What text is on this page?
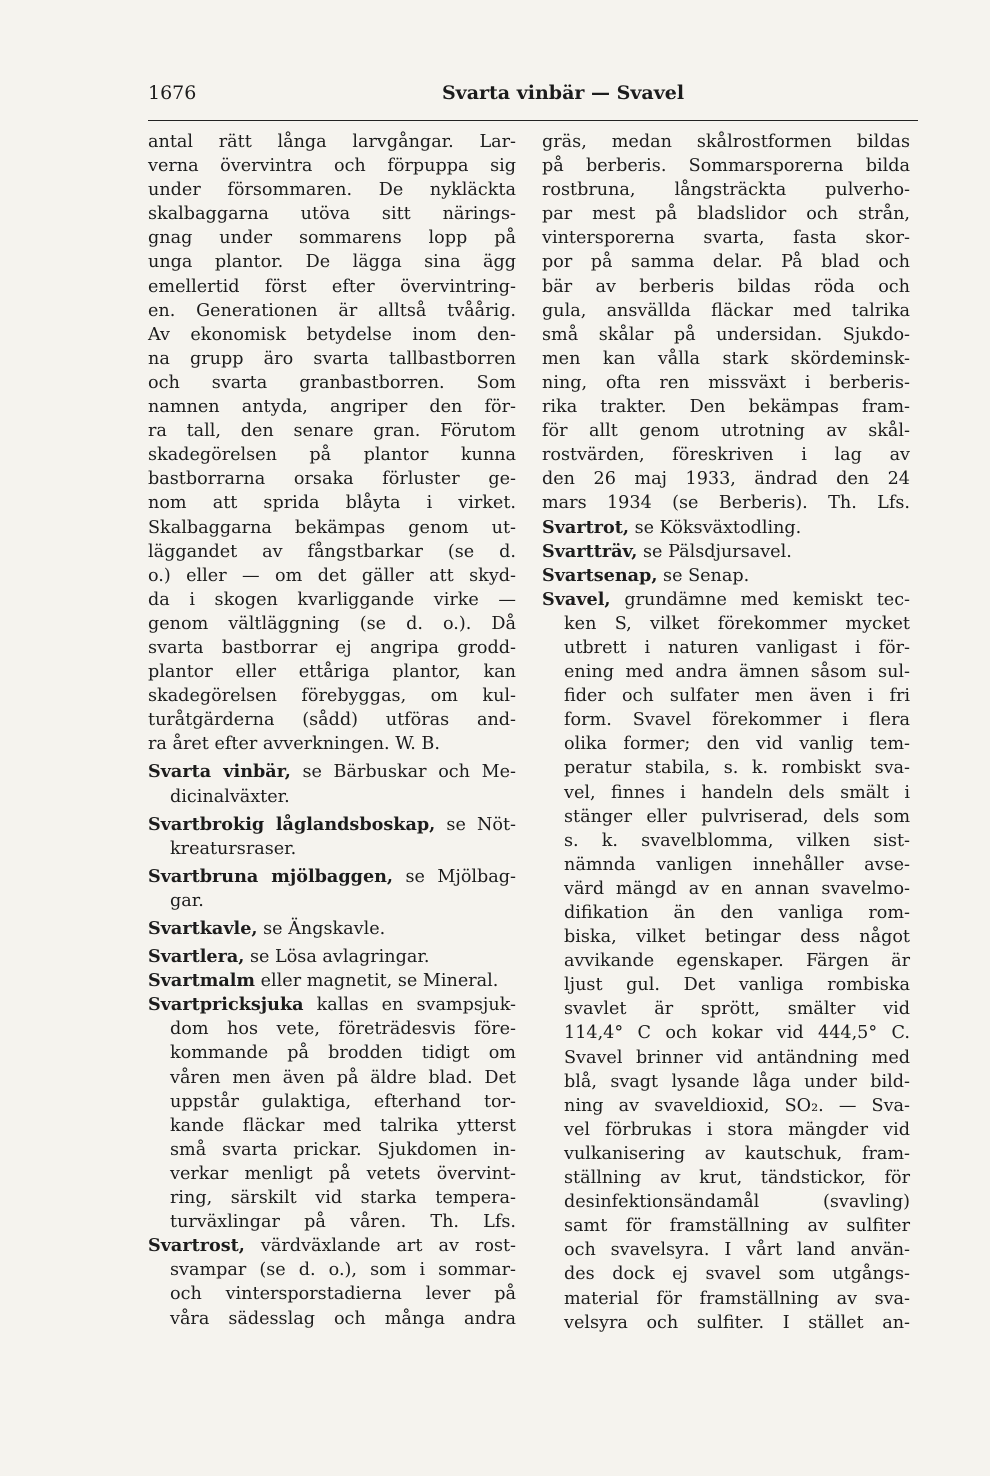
1676	Svarta vinbär — Svavel
antal rätt långa larvgångar. Lar-
verna övervintra och förpuppa sig
under försommaren. De nykläckta
skalbaggarna utöva sitt närings-
gnag under sommarens lopp på
unga plantor. De lägga sina ägg
emellertid först efter övervintring-
en. Generationen är alltså tvåårig.
Av ekonomisk betydelse inom den-
na grupp äro svarta tallbastborren
och svarta granbastborren. Som
namnen antyda, angriper den för-
ra tall, den senare gran. Förutom
skadegörelsen på plantor kunna
bastborrarna orsaka förluster ge-
nom att sprida blåyta i virket.
Skalbaggarna bekämpas genom ut-
läggandet av fångstbarkar (se d.
o.) eller — om det gäller att skyd-
da i skogen kvarliggande virke —
genom vältläggning (se d. o.). Då
svarta bastborrar ej angripa grodd-
plantor eller ettåriga plantor, kan
skadegörelsen förebyggas, om kul-
turåtgärderna (sådd) utföras and-
ra året efter avverkningen. W. B.
Svarta vinbär, se Bärbuskar och Me-
dicinalväxter.
Svartbrokig låglandsboskap, se Nöt-
kreatursraser.
Svartbruna mjölbaggen, se Mjölbag-
gar.
Svartkavle, se Ängskavle.
Svartlera, se Lösa avlagringar.
Svartmalm eller magnetit, se Mineral.
Svartpricksjuka kallas en svampsjuk-
dom hos vete, företrädesvis före-
kommande på brodden tidigt om
våren men även på äldre blad. Det
uppstår gulaktiga, efterhand tor-
kande fläckar med talrika ytterst
små svarta prickar. Sjukdomen in-
verkar menligt på vetets övervint-
ring, särskilt vid starka tempera-
turväxlingar på våren. Th. Lfs.
Svartrost, värdväxlande art av rost-
svampar (se d. o.), som i sommar-
och vintersporstadierna lever på
våra sädesslag och många andra
gräs, medan skålrostformen bildas
på berberis. Sommarsporerna bilda
rostbruna, långsträckta pulverho-
par mest på bladslidor och strån,
vintersporerna svarta, fasta skor-
por på samma delar. På blad och
bär av berberis bildas röda och
gula, ansvällda fläckar med talrika
små skålar på undersidan. Sjukdo-
men kan vålla stark skördeminsk-
ning, ofta ren missväxt i berberis-
rika trakter. Den bekämpas fram-
för allt genom utrotning av skål-
rostvärden, föreskriven i lag av
den 26 maj 1933, ändrad den 24
mars 1934 (se Berberis). Th. Lfs.
Svartrot, se Köksväxtodling.
Svartträv, se Pälsdjursavel.
Svartsenap, se Senap.
Svavel, grundämne med kemiskt tec-
ken S, vilket förekommer mycket
utbrett i naturen vanligast i för-
ening med andra ämnen såsom sul-
fider och sulfater men även i fri
form. Svavel förekommer i flera
olika former; den vid vanlig tem-
peratur stabila, s. k. rombiskt sva-
vel, finnes i handeln dels smält i
stänger eller pulvriserad, dels som
s. k. svavelblomma, vilken sist-
nämnda vanligen innehåller avse-
värd mängd av en annan svavelmo-
difikation än den vanliga rom-
biska, vilket betingar dess något
avvikande egenskaper. Färgen är
ljust gul. Det vanliga rombiska
svavlet är sprött, smälter vid
114,4° C och kokar vid 444,5° C.
Svavel brinner vid antändning med
blå, svagt lysande låga under bild-
ning av svaveldioxid, SO₂. — Sva-
vel förbrukas i stora mängder vid
vulkanisering av kautschuk, fram-
ställning av krut, tändstickor, för
desinfektionsändamål (svavling)
samt för framställning av sulfiter
och svavelsyra. I vårt land använ-
des dock ej svavel som utgångs-
material för framställning av sva-
velsyra och sulfiter. I stället an-
